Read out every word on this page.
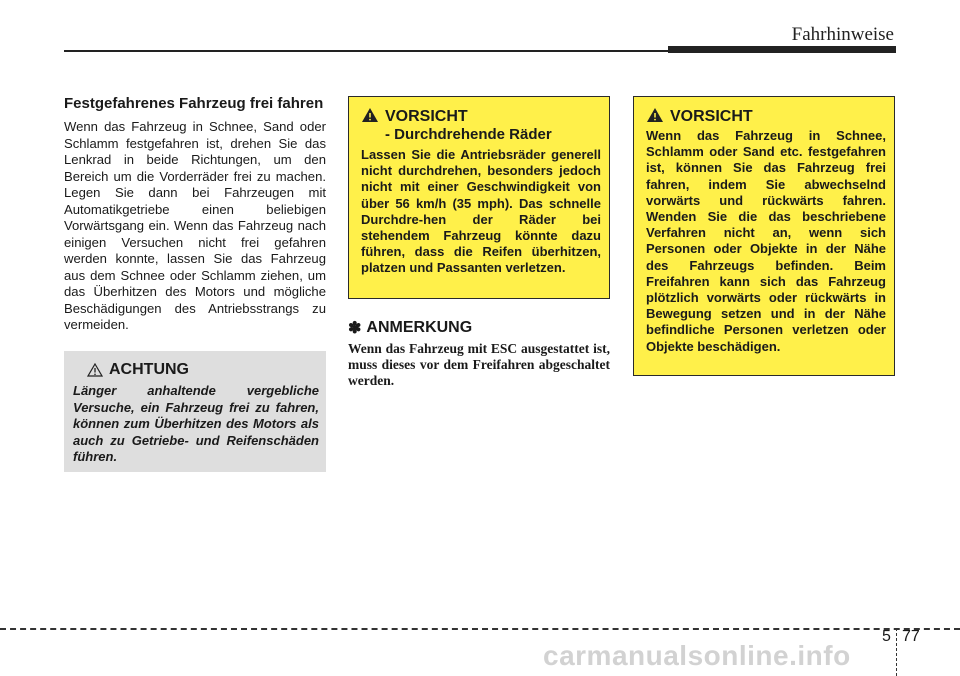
Fahrhinweise
Festgefahrenes Fahrzeug frei fahren

Wenn das Fahrzeug in Schnee, Sand oder Schlamm festgefahren ist, drehen Sie das Lenkrad in beide Richtungen, um den Bereich um die Vorderräder frei zu machen. Legen Sie dann bei Fahrzeugen mit Automatikgetriebe einen beliebigen Vorwärtsgang ein. Wenn das Fahrzeug nach einigen Versuchen nicht frei gefahren werden konnte, lassen Sie das Fahrzeug aus dem Schnee oder Schlamm ziehen, um das Überhitzen des Motors und mögliche Beschädigungen des Antriebsstrangs zu vermeiden.

ACHTUNG
Länger anhaltende vergebliche Versuche, ein Fahrzeug frei zu fahren, können zum Überhitzen des Motors als auch zu Getriebe- und Reifenschäden führen.
VORSICHT
- Durchdrehende Räder
Lassen Sie die Antriebsräder generell nicht durchdrehen, besonders jedoch nicht mit einer Geschwindigkeit von über 56 km/h (35 mph). Das schnelle Durchdre-hen der Räder bei stehendem Fahrzeug könnte dazu führen, dass die Reifen überhitzen, platzen und Passanten verletzen.
✽ ANMERKUNG
Wenn das Fahrzeug mit ESC ausgestattet ist, muss dieses vor dem Freifahren abgeschaltet werden.
VORSICHT
Wenn das Fahrzeug in Schnee, Schlamm oder Sand etc. festgefahren ist, können Sie das Fahrzeug frei fahren, indem Sie abwechselnd vorwärts und rückwärts fahren. Wenden Sie die das beschriebene Verfahren nicht an, wenn sich Personen oder Objekte in der Nähe des Fahrzeugs befinden. Beim Freifahren kann sich das Fahrzeug plötzlich vorwärts oder rückwärts in Bewegung setzen und in der Nähe befindliche Personen verletzen oder Objekte beschädigen.
5 77
carmanualsonline.info
